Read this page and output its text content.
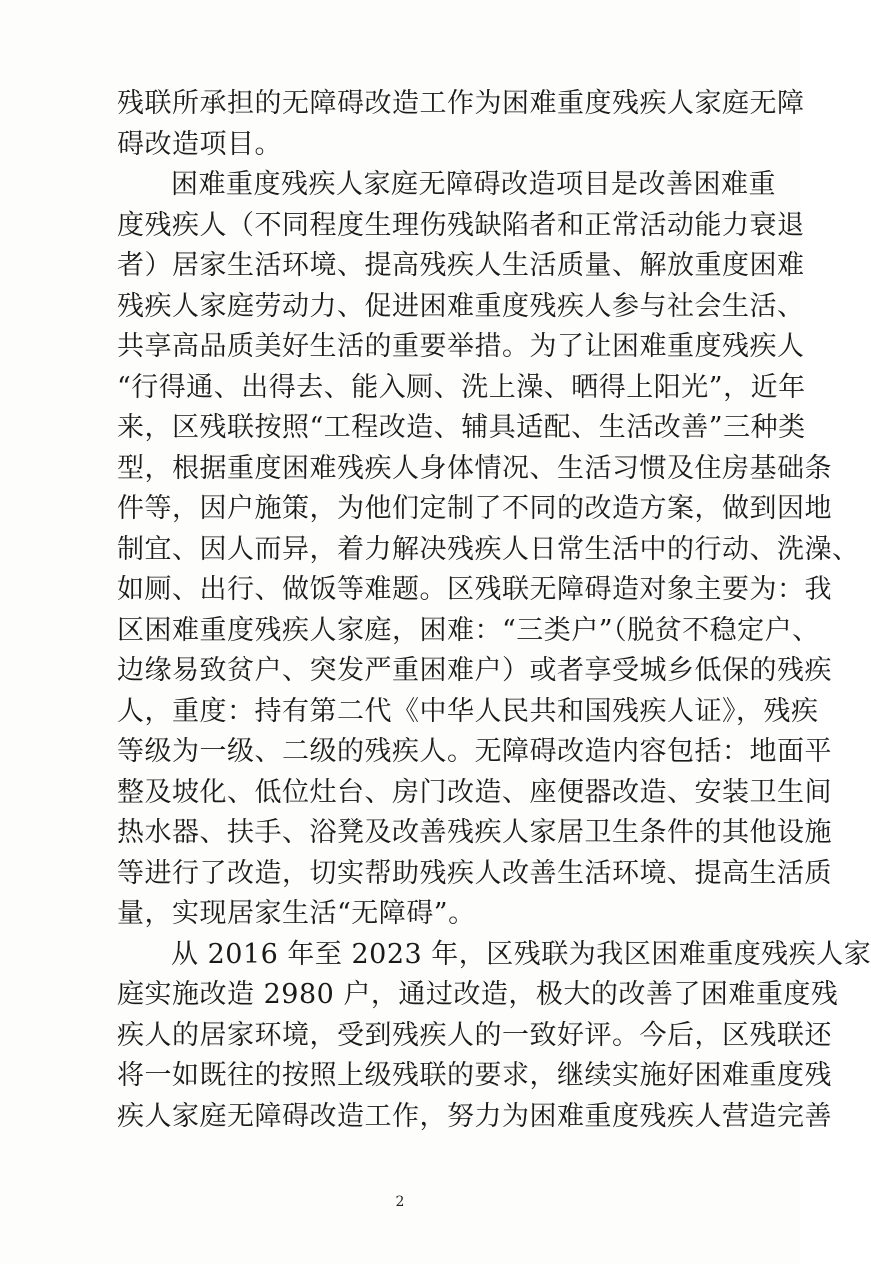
残联所承担的无障碍改造工作为困难重度残疾人家庭无障
碍改造项目。
困难重度残疾人家庭无障碍改造项目是改善困难重
度残疾人（不同程度生理伤残缺陷者和正常活动能力衰退
者）居家生活环境、提高残疾人生活质量、解放重度困难
残疾人家庭劳动力、促进困难重度残疾人参与社会生活、
共享高品质美好生活的重要举措。为了让困难重度残疾人
“行得通、出得去、能入厕、洗上澡、晒得上阳光”，近年
来，区残联按照“工程改造、辅具适配、生活改善”三种类
型，根据重度困难残疾人身体情况、生活习惯及住房基础条
件等，因户施策，为他们定制了不同的改造方案，做到因地
制宜、因人而异，着力解决残疾人日常生活中的行动、洗澡、
如厕、出行、做饭等难题。区残联无障碍造对象主要为：我
区困难重度残疾人家庭，困难：“三类户”（脱贫不稳定户、
边缘易致贫户、突发严重困难户）或者享受城乡低保的残疾
人，重度：持有第二代《中华人民共和国残疾人证》，残疾
等级为一级、二级的残疾人。无障碍改造内容包括：地面平
整及坡化、低位灶台、房门改造、座便器改造、安装卫生间
热水器、扶手、浴凳及改善残疾人家居卫生条件的其他设施
等进行了改造，切实帮助残疾人改善生活环境、提高生活质
量，实现居家生活“无障碍”。
从 2016 年至 2023 年，区残联为我区困难重度残疾人家
庭实施改造 2980 户，通过改造，极大的改善了困难重度残
疾人的居家环境，受到残疾人的一致好评。今后，区残联还
将一如既往的按照上级残联的要求，继续实施好困难重度残
疾人家庭无障碍改造工作，努力为困难重度残疾人营造完善
2
